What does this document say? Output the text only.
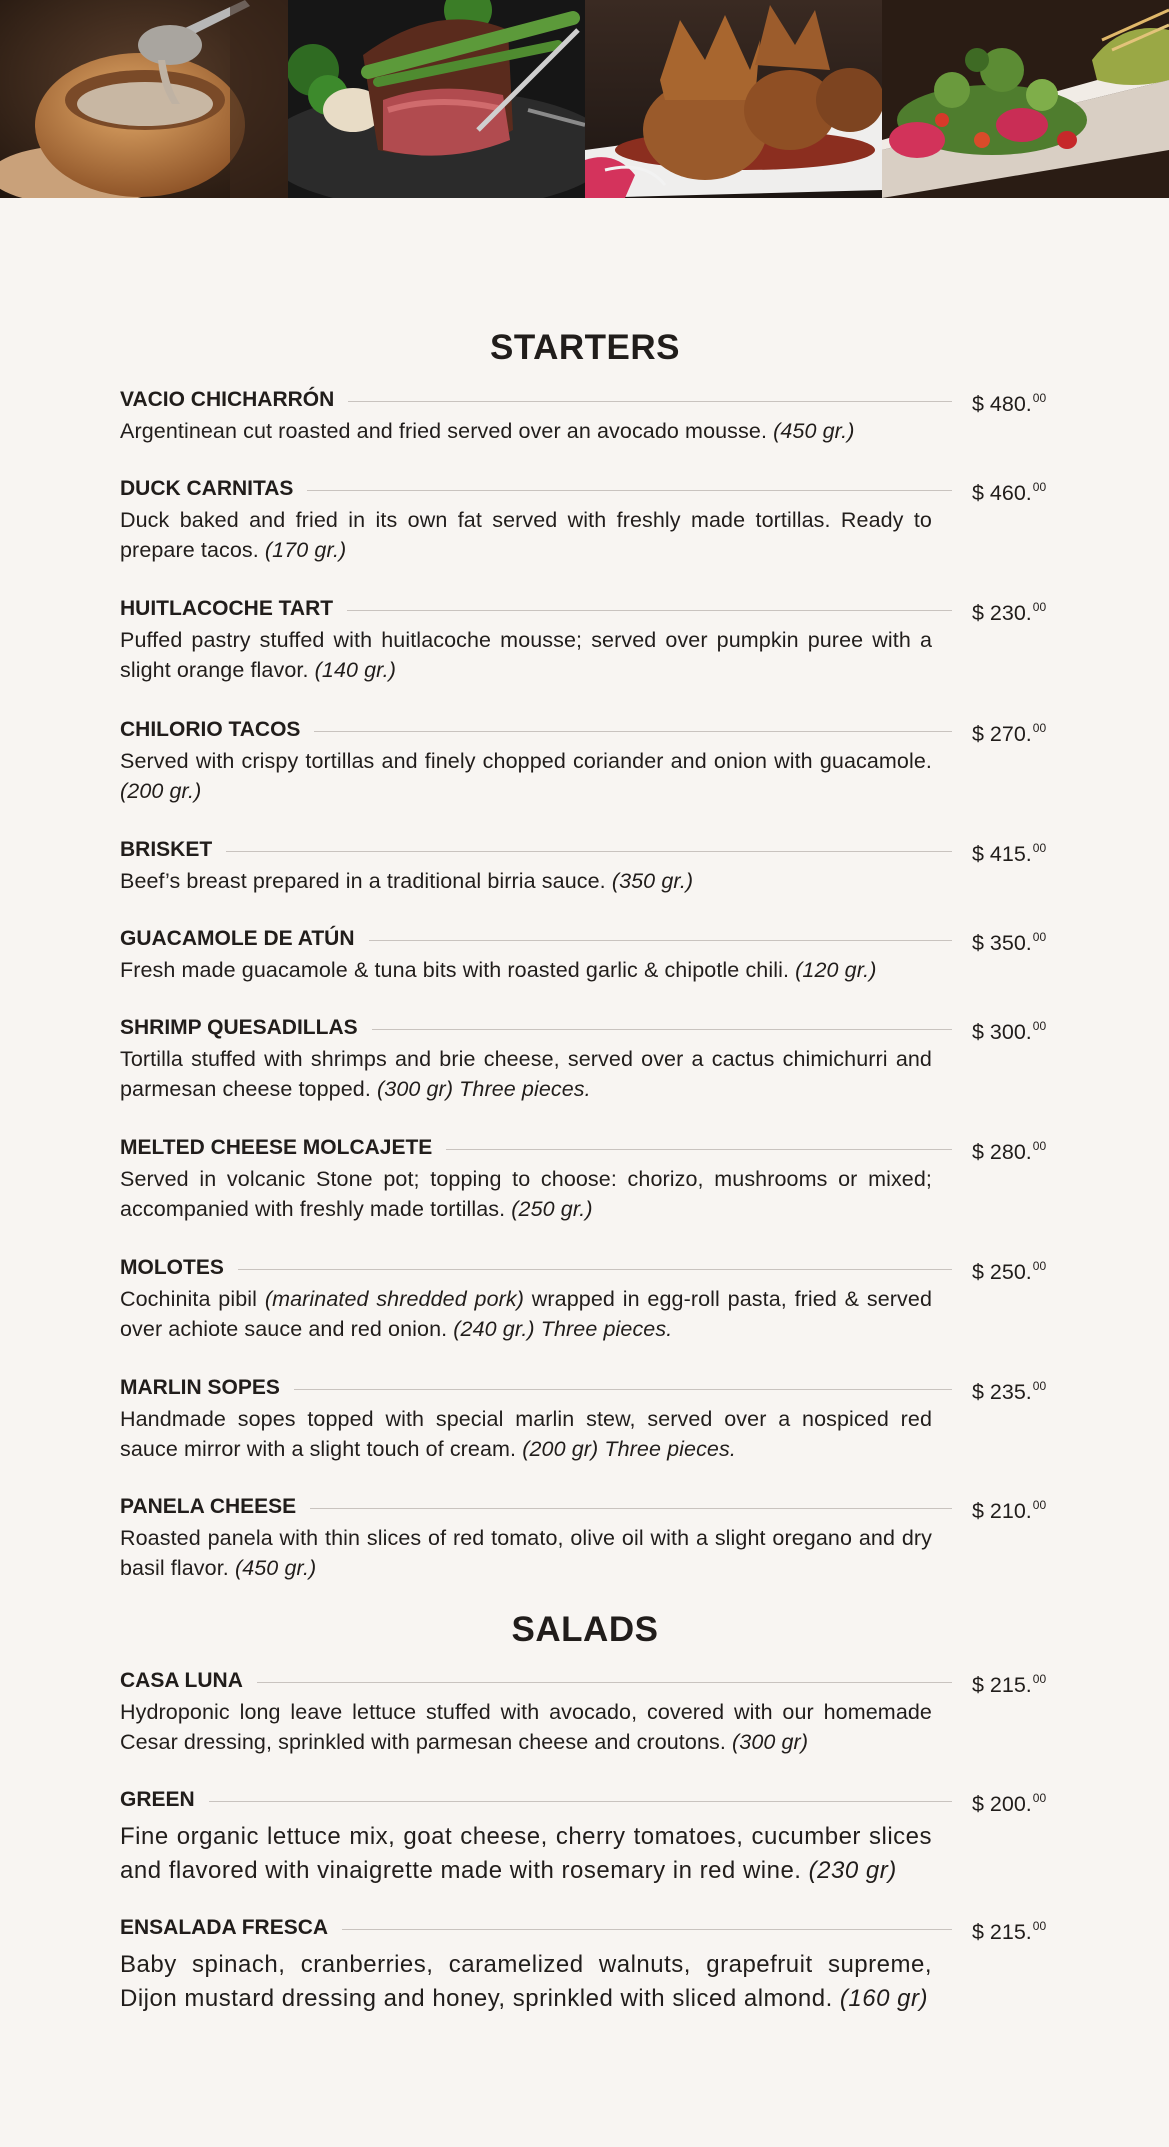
STARTERS
VACIO CHICHARRÓN	$ 480.00
Argentinean cut roasted and fried served over an avocado mousse. (450 gr.)
DUCK CARNITAS	$ 460.00
Duck baked and fried in its own fat served with freshly made tortillas. Ready to prepare tacos. (170 gr.)
HUITLACOCHE TART	$ 230.00
Puffed pastry stuffed with huitlacoche mousse; served over pumpkin puree with a slight orange flavor. (140 gr.)
CHILORIO TACOS	$ 270.00
Served with crispy tortillas and finely chopped coriander and onion with guacamole. (200 gr.)
BRISKET	$ 415.00
Beef’s breast prepared in a traditional birria sauce. (350 gr.)
GUACAMOLE DE ATÚN	$ 350.00
Fresh made guacamole & tuna bits with roasted garlic & chipotle chili. (120 gr.)
SHRIMP QUESADILLAS	$ 300.00
Tortilla stuffed with shrimps and brie cheese, served over a cactus chimichurri and parmesan cheese topped. (300 gr) Three pieces.
MELTED CHEESE MOLCAJETE	$ 280.00
Served in volcanic Stone pot; topping to choose: chorizo, mushrooms or mixed; accompanied with freshly made tortillas. (250 gr.)
MOLOTES	$ 250.00
Cochinita pibil (marinated shredded pork) wrapped in egg-roll pasta, fried & served over achiote sauce and red onion. (240 gr.) Three pieces.
MARLIN SOPES	$ 235.00
Handmade sopes topped with special marlin stew, served over a nospiced red sauce mirror with a slight touch of cream. (200 gr) Three pieces.
PANELA CHEESE	$ 210.00
Roasted panela with thin slices of red tomato, olive oil with a slight oregano and dry basil flavor. (450 gr.)
SALADS
CASA LUNA	$ 215.00
Hydroponic long leave lettuce stuffed with avocado, covered with our homemade Cesar dressing, sprinkled with parmesan cheese and croutons. (300 gr)
GREEN	$ 200.00
Fine organic lettuce mix, goat cheese, cherry tomatoes, cucumber slices and flavored with vinaigrette made with rosemary in red wine. (230 gr)
ENSALADA FRESCA	$ 215.00
Baby spinach, cranberries, caramelized walnuts, grapefruit supreme, Dijon mustard dressing and honey, sprinkled with sliced almond. (160 gr)
